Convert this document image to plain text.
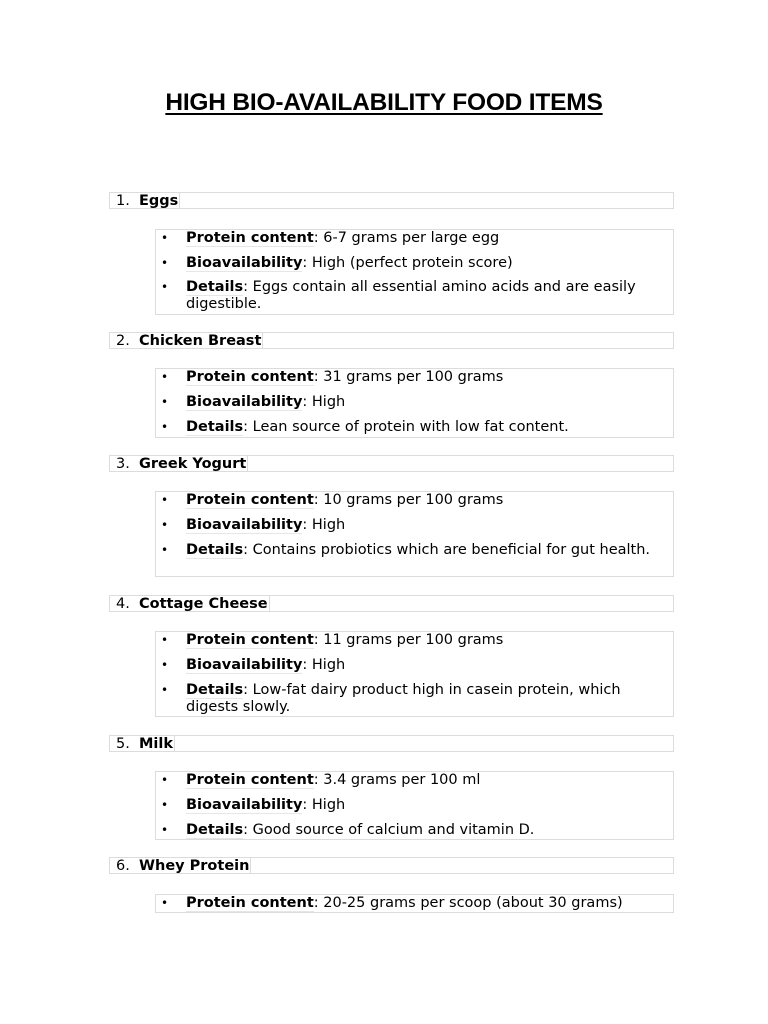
HIGH BIO-AVAILABILITY FOOD ITEMS
1. Eggs
• Protein content: 6-7 grams per large egg
• Bioavailability: High (perfect protein score)
• Details: Eggs contain all essential amino acids and are easily digestible.
2. Chicken Breast
• Protein content: 31 grams per 100 grams
• Bioavailability: High
• Details: Lean source of protein with low fat content.
3. Greek Yogurt
• Protein content: 10 grams per 100 grams
• Bioavailability: High
• Details: Contains probiotics which are beneficial for gut health.
4. Cottage Cheese
• Protein content: 11 grams per 100 grams
• Bioavailability: High
• Details: Low-fat dairy product high in casein protein, which digests slowly.
5. Milk
• Protein content: 3.4 grams per 100 ml
• Bioavailability: High
• Details: Good source of calcium and vitamin D.
6. Whey Protein
• Protein content: 20-25 grams per scoop (about 30 grams)
